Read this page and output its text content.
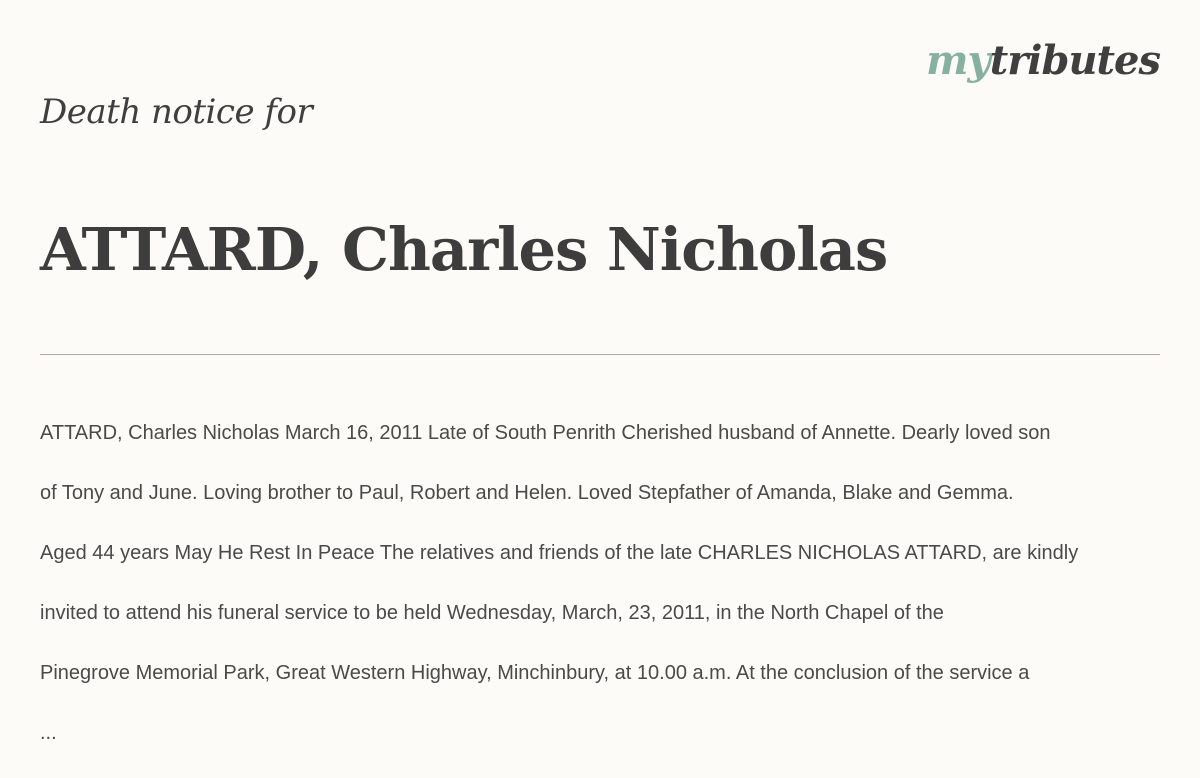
mytributes
Death notice for
ATTARD, Charles Nicholas

ATTARD, Charles Nicholas March 16, 2011 Late of South Penrith Cherished husband of Annette. Dearly loved son

of Tony and June. Loving brother to Paul, Robert and Helen. Loved Stepfather of Amanda, Blake and Gemma.

Aged 44 years May He Rest In Peace The relatives and friends of the late CHARLES NICHOLAS ATTARD, are kindly

invited to attend his funeral service to be held Wednesday, March, 23, 2011, in the North Chapel of the

Pinegrove Memorial Park, Great Western Highway, Minchinbury, at 10.00 a.m. At the conclusion of the service a

...
